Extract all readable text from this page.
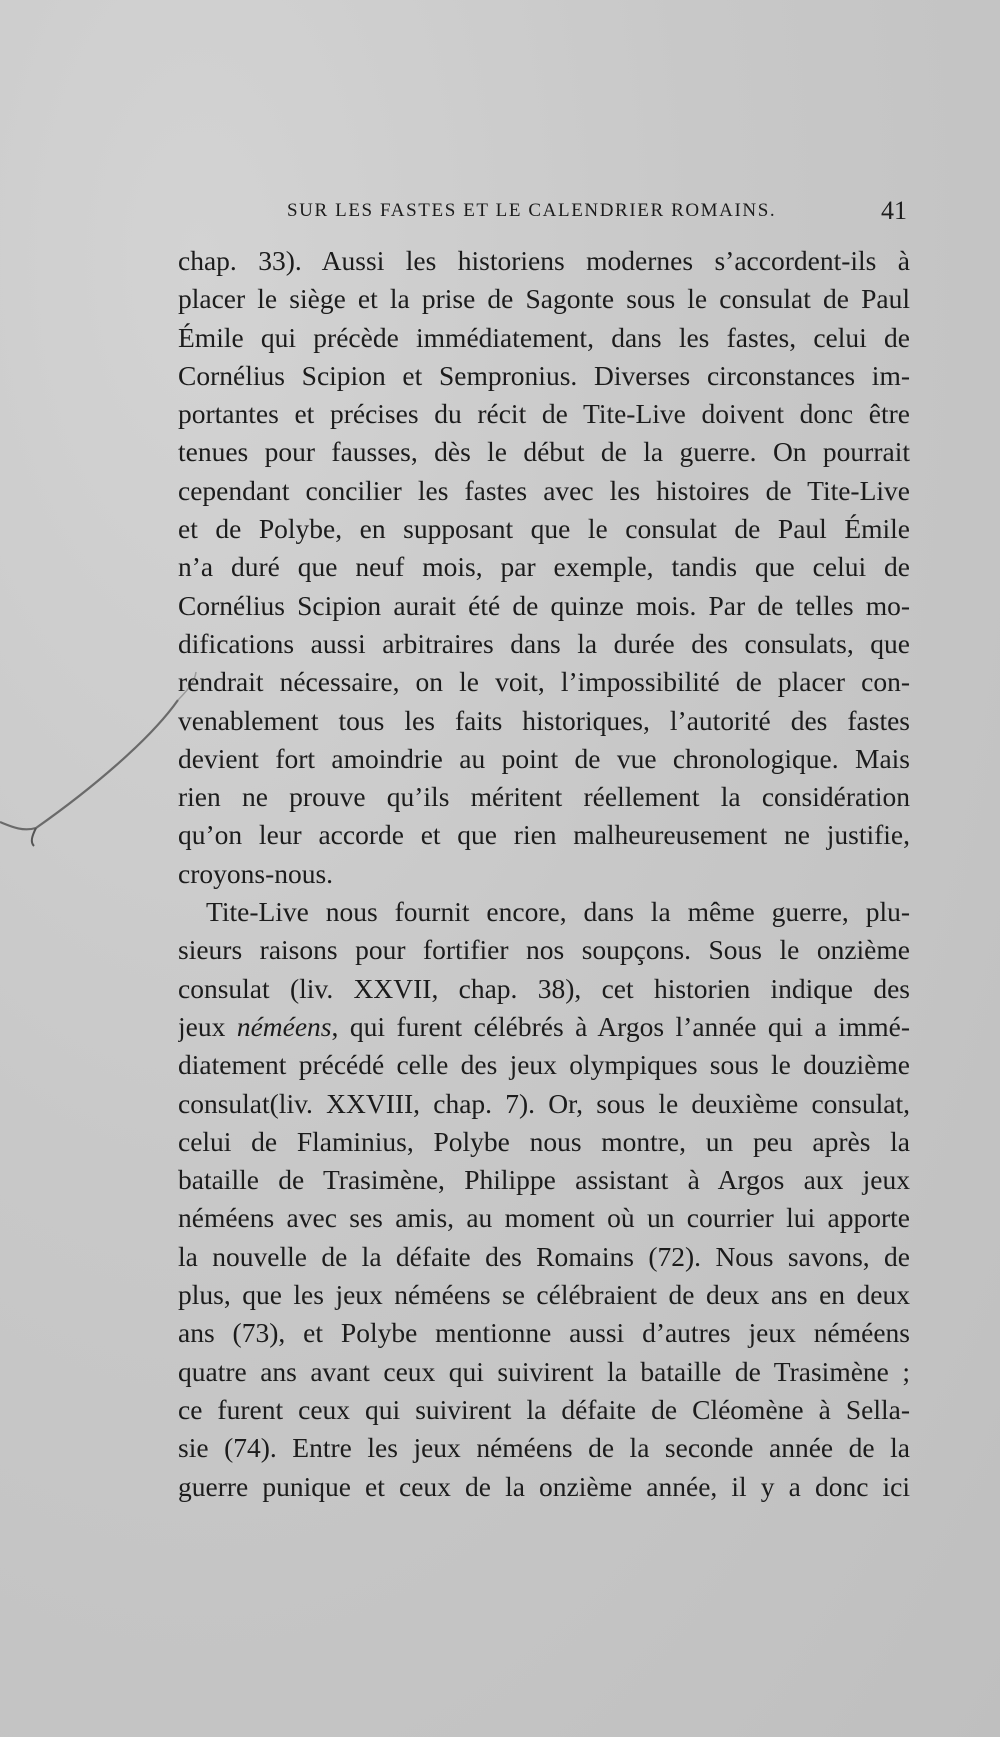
SUR LES FASTES ET LE CALENDRIER ROMAINS.	41
chap. 33). Aussi les historiens modernes s’accordent-ils à
placer le siège et la prise de Sagonte sous le consulat de Paul
Émile qui précède immédiatement, dans les fastes, celui de
Cornélius Scipion et Sempronius. Diverses circonstances im-
portantes et précises du récit de Tite-Live doivent donc être
tenues pour fausses, dès le début de la guerre. On pourrait
cependant concilier les fastes avec les histoires de Tite-Live
et de Polybe, en supposant que le consulat de Paul Émile
n’a duré que neuf mois, par exemple, tandis que celui de
Cornélius Scipion aurait été de quinze mois. Par de telles mo-
difications aussi arbitraires dans la durée des consulats, que
rendrait nécessaire, on le voit, l’impossibilité de placer con-
venablement tous les faits historiques, l’autorité des fastes
devient fort amoindrie au point de vue chronologique. Mais
rien ne prouve qu’ils méritent réellement la considération
qu’on leur accorde et que rien malheureusement ne justifie,
croyons-nous.
Tite-Live nous fournit encore, dans la même guerre, plu-
sieurs raisons pour fortifier nos soupçons. Sous le onzième
consulat (liv. XXVII, chap. 38), cet historien indique des
jeux néméens, qui furent célébrés à Argos l’année qui a immé-
diatement précédé celle des jeux olympiques sous le douzième
consulat(liv. XXVIII, chap. 7). Or, sous le deuxième consulat,
celui de Flaminius, Polybe nous montre, un peu après la
bataille de Trasimène, Philippe assistant à Argos aux jeux
néméens avec ses amis, au moment où un courrier lui apporte
la nouvelle de la défaite des Romains (72). Nous savons, de
plus, que les jeux néméens se célébraient de deux ans en deux
ans (73), et Polybe mentionne aussi d’autres jeux néméens
quatre ans avant ceux qui suivirent la bataille de Trasimène ;
ce furent ceux qui suivirent la défaite de Cléomène à Sella-
sie (74). Entre les jeux néméens de la seconde année de la
guerre punique et ceux de la onzième année, il y a donc ici
